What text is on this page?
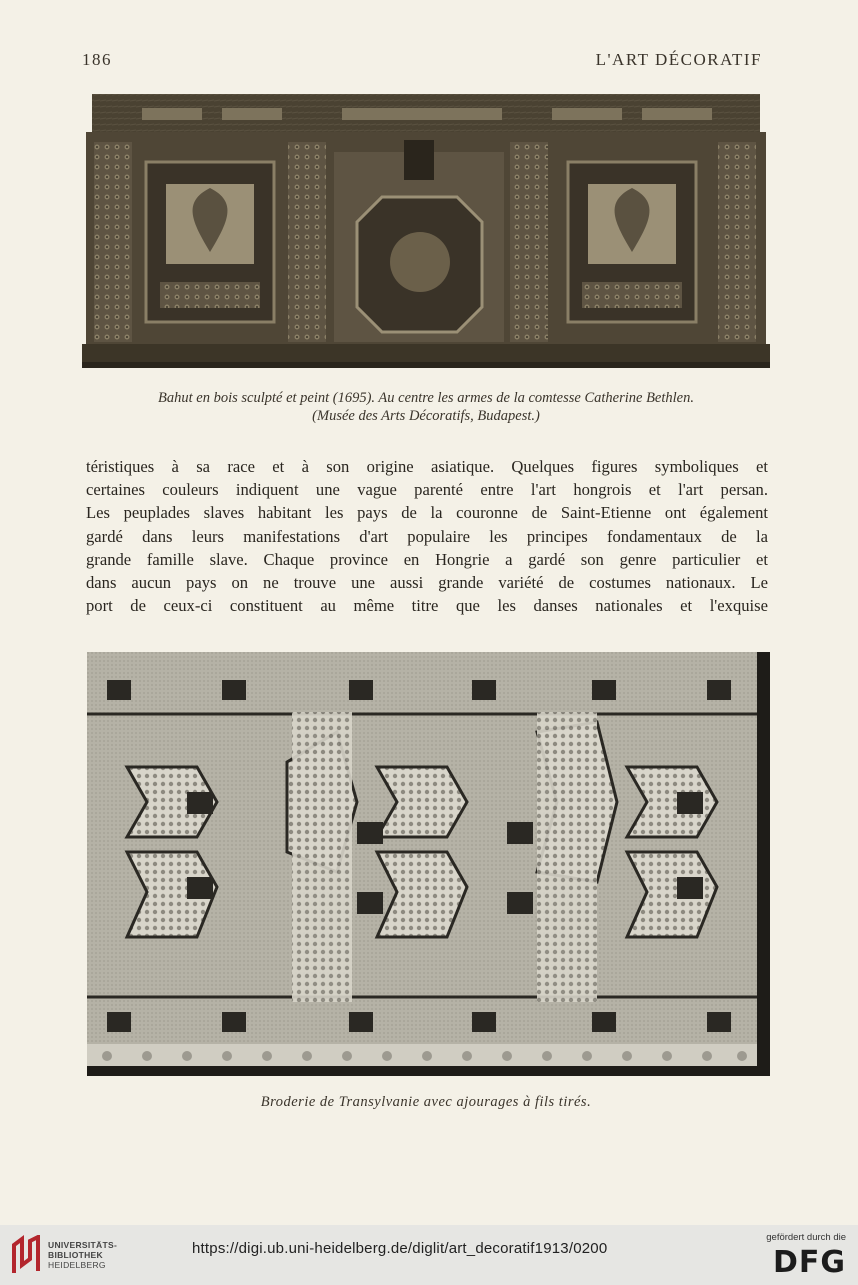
186	L'ART DÉCORATIF
Bahut en bois sculpté et peint (1695). Au centre les armes de la comtesse Catherine Bethlen.
(Musée des Arts Décoratifs, Budapest.)
téristiques à sa race et à son origine asiatique. Quelques figures symboliques et
certaines couleurs indiquent une vague parenté entre l'art hongrois et l'art persan.
Les peuplades slaves habitant les pays de la couronne de Saint-Etienne ont également
gardé dans leurs manifestations d'art populaire les principes fondamentaux de la
grande famille slave. Chaque province en Hongrie a gardé son genre particulier et
dans aucun pays on ne trouve une aussi grande variété de costumes nationaux. Le
port de ceux-ci constituent au même titre que les danses nationales et l'exquise
Broderie de Transylvanie avec ajourages à fils tirés.
UNIVERSITÄTS-
BIBLIOTHEK
HEIDELBERG
https://digi.ub.uni-heidelberg.de/diglit/art_decoratif1913/0200
gefördert durch die
DFG
